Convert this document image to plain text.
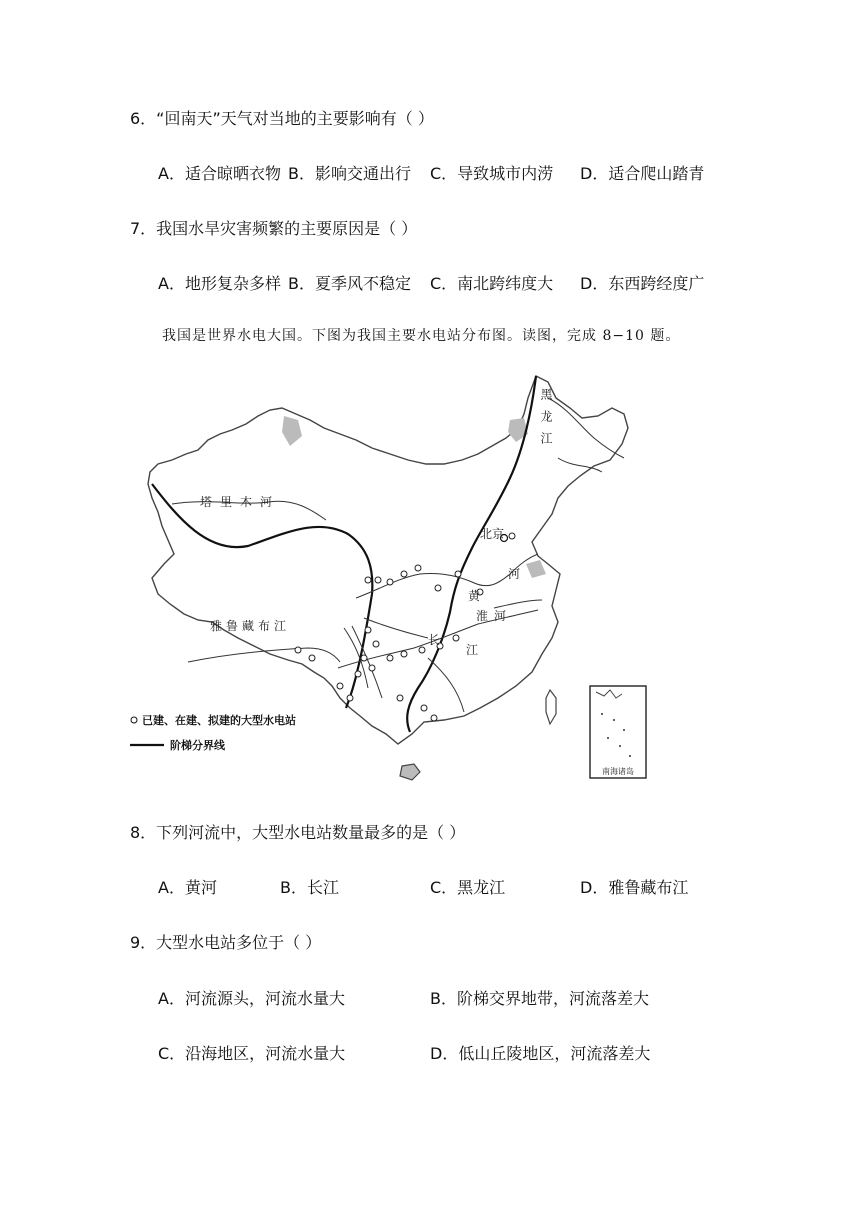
6．“回南天”天气对当地的主要影响有（ ）
A．适合晾晒衣物 B．影响交通出行 C．导致城市内涝 D．适合爬山踏青
7．我国水旱灾害频繁的主要原因是（ ）
A．地形复杂多样 B．夏季风不稳定 C．南北跨纬度大 D．东西跨经度广
我国是世界水电大国。下图为我国主要水电站分布图。读图，完成 8−10 题。
塔里木河
雅鲁藏布江
北京
黄
河
淮河
长
江
黑龙江
南海诸岛
已建、在建、拟建的大型水电站
阶梯分界线
8．下列河流中，大型水电站数量最多的是（ ）
A．黄河	B．长江	C．黑龙江	D．雅鲁藏布江
9．大型水电站多位于（ ）
A．河流源头，河流水量大	B．阶梯交界地带，河流落差大
C．沿海地区，河流水量大	D．低山丘陵地区，河流落差大
